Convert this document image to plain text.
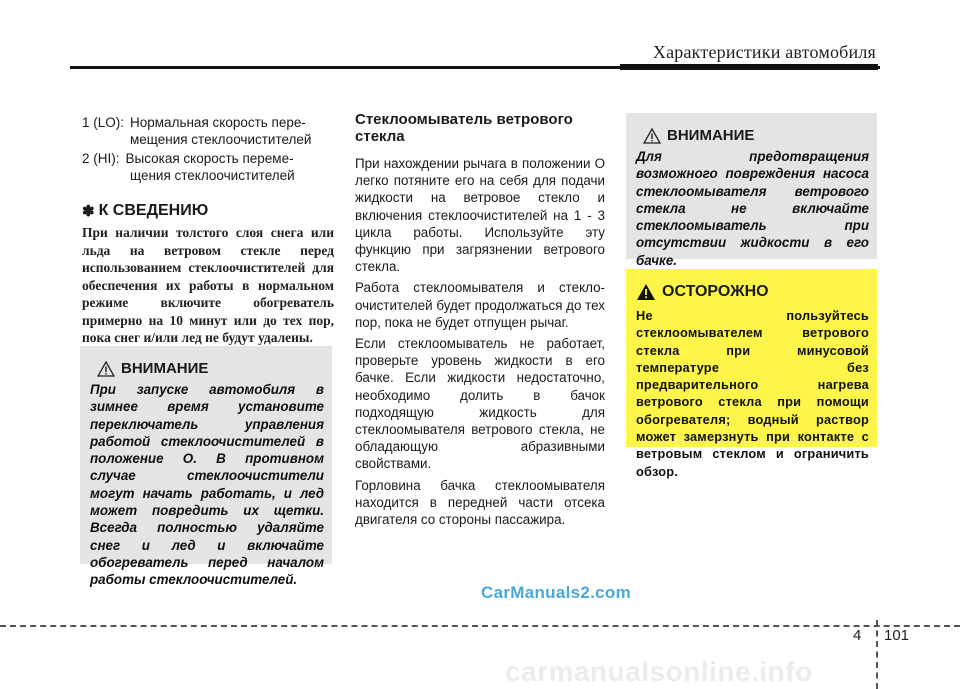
Характеристики автомобиля
1 (LO): Нормальная скорость пере-
мещения стеклоочистителей
2 (HI): Высокая скорость переме-
щения стеклоочистителей
✽ К СВЕДЕНИЮ
При наличии толстого слоя снега или льда на ветровом стекле перед использованием стеклоочистителей для обеспечения их работы в нормальном режиме включите обогреватель примерно на 10 минут или до тех пор, пока снег и/или лед не будут удалены.
ВНИМАНИЕ
При запуске автомобиля в зимнее время установите переключатель управления работой стеклоочистителей в положение O. В противном случае стеклоочистители могут начать работать, и лед может повредить их щетки. Всегда полностью удаляйте снег и лед и включайте обогреватель перед началом работы стеклоочистителей.
Стеклоомыватель ветрового стекла

При нахождении рычага в положении O легко потяните его на себя для подачи жидкости на ветровое стекло и включения стеклоочистителей на 1 - 3 цикла работы. Используйте эту функцию при загрязнении ветрового стекла.

Работа стеклоомывателя и стекло-очистителей будет продолжаться до тех пор, пока не будет отпущен рычаг.

Если стеклоомыватель не работает, проверьте уровень жидкости в его бачке. Если жидкости недостаточно, необходимо долить в бачок подходящую жидкость для стеклоомывателя ветрового стекла, не обладающую абразивными свойствами.

Горловина бачка стеклоомывателя находится в передней части отсека двигателя со стороны пассажира.

ВНИМАНИЕ
Для предотвращения возможного повреждения насоса стеклоомывателя ветрового стекла не включайте стеклоомыватель при отсутствии жидкости в его бачке.
ОСТОРОЖНО
Не пользуйтесь стеклоомывателем ветрового стекла при минусовой температуре без предварительного нагрева ветрового стекла при помощи обогревателя; водный раствор может замерзнуть при контакте с ветровым стеклом и ограничить обзор.
CarManuals2.com
4 101
carmanualsonline.info
